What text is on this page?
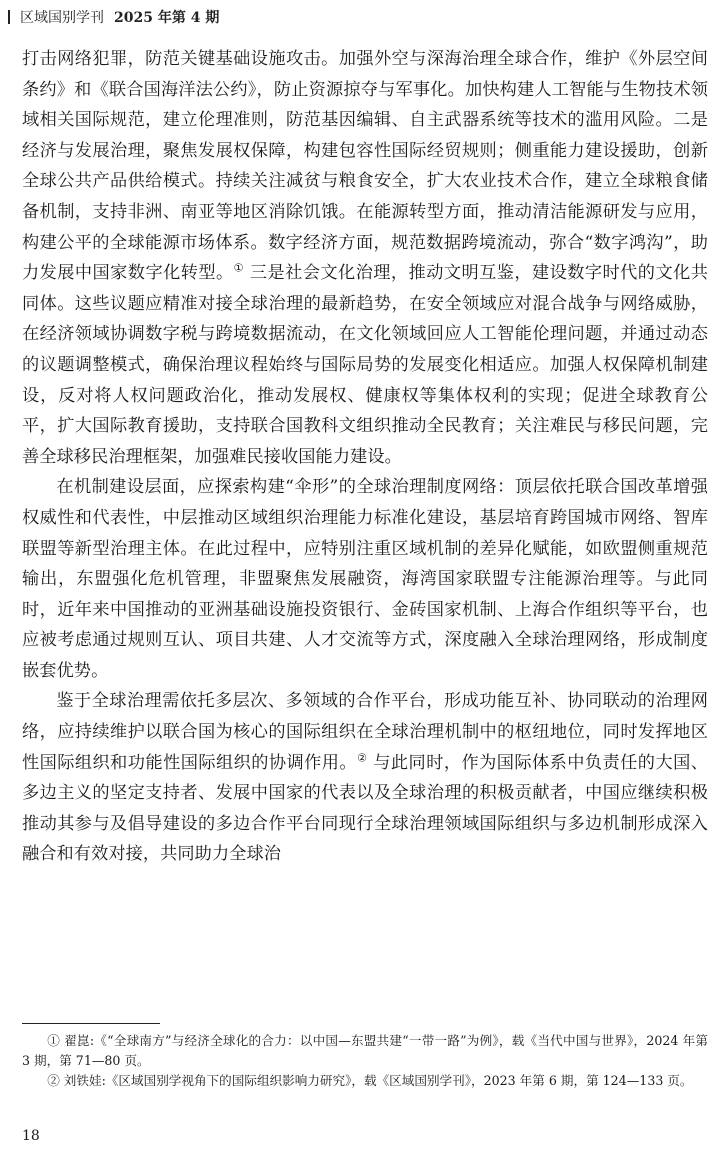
区域国别学刊 2025 年第 4 期

打击网络犯罪，防范关键基础设施攻击。加强外空与深海治理全球合作，维护《外层空间条约》和《联合国海洋法公约》，防止资源掠夺与军事化。加快构建人工智能与生物技术领域相关国际规范，建立伦理准则，防范基因编辑、自主武器系统等技术的滥用风险。二是经济与发展治理，聚焦发展权保障，构建包容性国际经贸规则；侧重能力建设援助，创新全球公共产品供给模式。持续关注减贫与粮食安全，扩大农业技术合作，建立全球粮食储备机制，支持非洲、南亚等地区消除饥饿。在能源转型方面，推动清洁能源研发与应用，构建公平的全球能源市场体系。数字经济方面，规范数据跨境流动，弥合“数字鸿沟”，助力发展中国家数字化转型。① 三是社会文化治理，推动文明互鉴，建设数字时代的文化共同体。这些议题应精准对接全球治理的最新趋势，在安全领域应对混合战争与网络威胁，在经济领域协调数字税与跨境数据流动，在文化领域回应人工智能伦理问题，并通过动态的议题调整模式，确保治理议程始终与国际局势的发展变化相适应。加强人权保障机制建设，反对将人权问题政治化，推动发展权、健康权等集体权利的实现；促进全球教育公平，扩大国际教育援助，支持联合国教科文组织推动全民教育；关注难民与移民问题，完善全球移民治理框架，加强难民接收国能力建设。

在机制建设层面，应探索构建“伞形”的全球治理制度网络：顶层依托联合国改革增强权威性和代表性，中层推动区域组织治理能力标准化建设，基层培育跨国城市网络、智库联盟等新型治理主体。在此过程中，应特别注重区域机制的差异化赋能，如欧盟侧重规范输出，东盟强化危机管理，非盟聚焦发展融资，海湾国家联盟专注能源治理等。与此同时，近年来中国推动的亚洲基础设施投资银行、金砖国家机制、上海合作组织等平台，也应被考虑通过规则互认、项目共建、人才交流等方式，深度融入全球治理网络，形成制度嵌套优势。

鉴于全球治理需依托多层次、多领域的合作平台，形成功能互补、协同联动的治理网络，应持续维护以联合国为核心的国际组织在全球治理机制中的枢纽地位，同时发挥地区性国际组织和功能性国际组织的协调作用。② 与此同时，作为国际体系中负责任的大国、多边主义的坚定支持者、发展中国家的代表以及全球治理的积极贡献者，中国应继续积极推动其参与及倡导建设的多边合作平台同现行全球治理领域国际组织与多边机制形成深入融合和有效对接，共同助力全球治

① 翟崑:《“全球南方”与经济全球化的合力：以中国—东盟共建“一带一路”为例》，载《当代中国与世界》，2024 年第 3 期，第 71—80 页。

② 刘铁娃:《区域国别学视角下的国际组织影响力研究》，载《区域国别学刊》，2023 年第 6 期，第 124—133 页。

18
